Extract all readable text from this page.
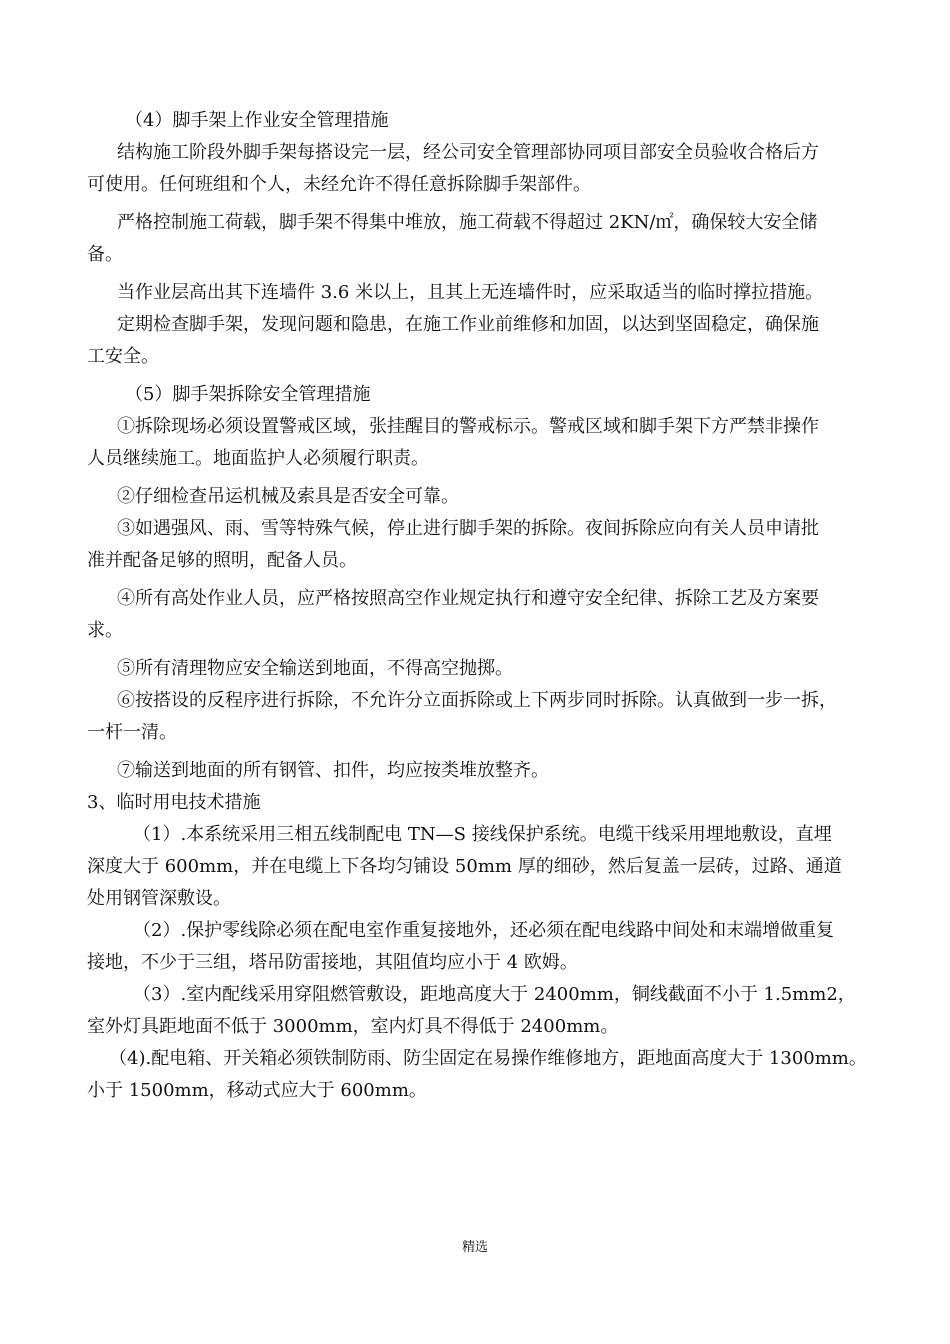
（4）脚手架上作业安全管理措施

结构施工阶段外脚手架每搭设完一层，经公司安全管理部协同项目部安全员验收合格后方

可使用。任何班组和个人，未经允许不得任意拆除脚手架部件。

严格控制施工荷载，脚手架不得集中堆放，施工荷载不得超过 2KN/㎡，确保较大安全储

备。

当作业层高出其下连墙件 3.6 米以上，且其上无连墙件时，应采取适当的临时撑拉措施。

定期检查脚手架，发现问题和隐患，在施工作业前维修和加固，以达到坚固稳定，确保施

工安全。

（5）脚手架拆除安全管理措施

①拆除现场必须设置警戒区域，张挂醒目的警戒标示。警戒区域和脚手架下方严禁非操作

人员继续施工。地面监护人必须履行职责。

②仔细检查吊运机械及索具是否安全可靠。

③如遇强风、雨、雪等特殊气候，停止进行脚手架的拆除。夜间拆除应向有关人员申请批

准并配备足够的照明，配备人员。

④所有高处作业人员，应严格按照高空作业规定执行和遵守安全纪律、拆除工艺及方案要

求。

⑤所有清理物应安全输送到地面，不得高空抛掷。

⑥按搭设的反程序进行拆除，不允许分立面拆除或上下两步同时拆除。认真做到一步一拆，

一杆一清。

⑦输送到地面的所有钢管、扣件，均应按类堆放整齐。

3、临时用电技术措施

（1）.本系统采用三相五线制配电 TN—S 接线保护系统。电缆干线采用埋地敷设，直埋

深度大于 600mm，并在电缆上下各均匀铺设 50mm 厚的细砂，然后复盖一层砖，过路、通道

处用钢管深敷设。

（2）.保护零线除必须在配电室作重复接地外，还必须在配电线路中间处和末端增做重复

接地，不少于三组，塔吊防雷接地，其阻值均应小于 4 欧姆。

（3）.室内配线采用穿阻燃管敷设，距地高度大于 2400mm，铜线截面不小于 1.5mm2，

室外灯具距地面不低于 3000mm，室内灯具不得低于 2400mm。

（4).配电箱、开关箱必须铁制防雨、防尘固定在易操作维修地方，距地面高度大于 1300mm。

小于 1500mm，移动式应大于 600mm。

精选
